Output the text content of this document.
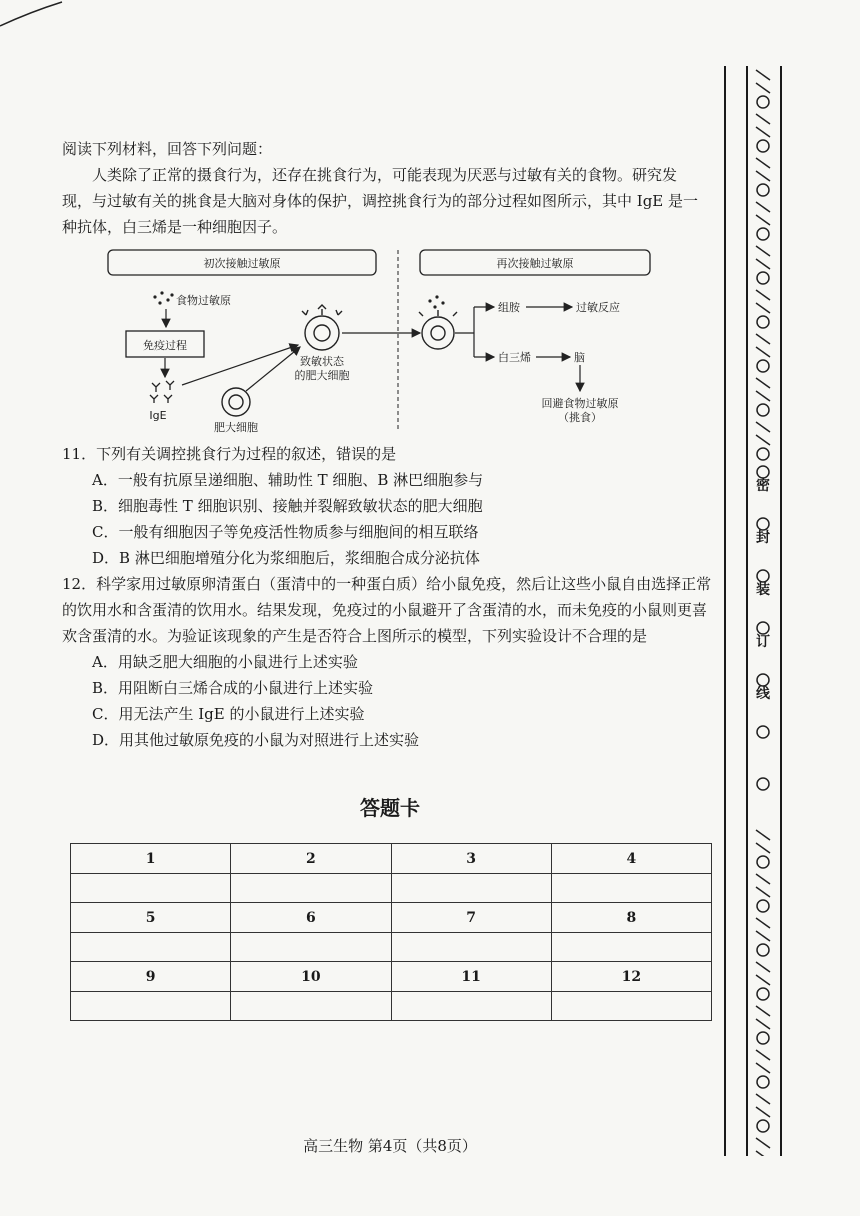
阅读下列材料，回答下列问题：

人类除了正常的摄食行为，还存在挑食行为，可能表现为厌恶与过敏有关的食物。研究发现，与过敏有关的挑食是大脑对身体的保护，调控挑食行为的部分过程如图所示，其中 IgE 是一种抗体，白三烯是一种细胞因子。

初次接触过敏原	再次接触过敏原
食物过敏原
免疫过程
IgE
肥大细胞
致敏状态
的肥大细胞
组胺	过敏反应
白三烯	脑
回避食物过敏原
（挑食）

11．下列有关调控挑食行为过程的叙述，错误的是

A．一般有抗原呈递细胞、辅助性 T 细胞、B 淋巴细胞参与

B．细胞毒性 T 细胞识别、接触并裂解致敏状态的肥大细胞

C．一般有细胞因子等免疫活性物质参与细胞间的相互联络

D．B 淋巴细胞增殖分化为浆细胞后，浆细胞合成分泌抗体

12．科学家用过敏原卵清蛋白（蛋清中的一种蛋白质）给小鼠免疫，然后让这些小鼠自由选择正常的饮用水和含蛋清的饮用水。结果发现，免疫过的小鼠避开了含蛋清的水，而未免疫的小鼠则更喜欢含蛋清的水。为验证该现象的产生是否符合上图所示的模型，下列实验设计不合理的是

A．用缺乏肥大细胞的小鼠进行上述实验

B．用阻断白三烯合成的小鼠进行上述实验

C．用无法产生 IgE 的小鼠进行上述实验

D．用其他过敏原免疫的小鼠为对照进行上述实验

答题卡
1	2	3	4

5	6	7	8

9	10	11	12

高三生物 第4页（共8页）
密
封
装
订
线
